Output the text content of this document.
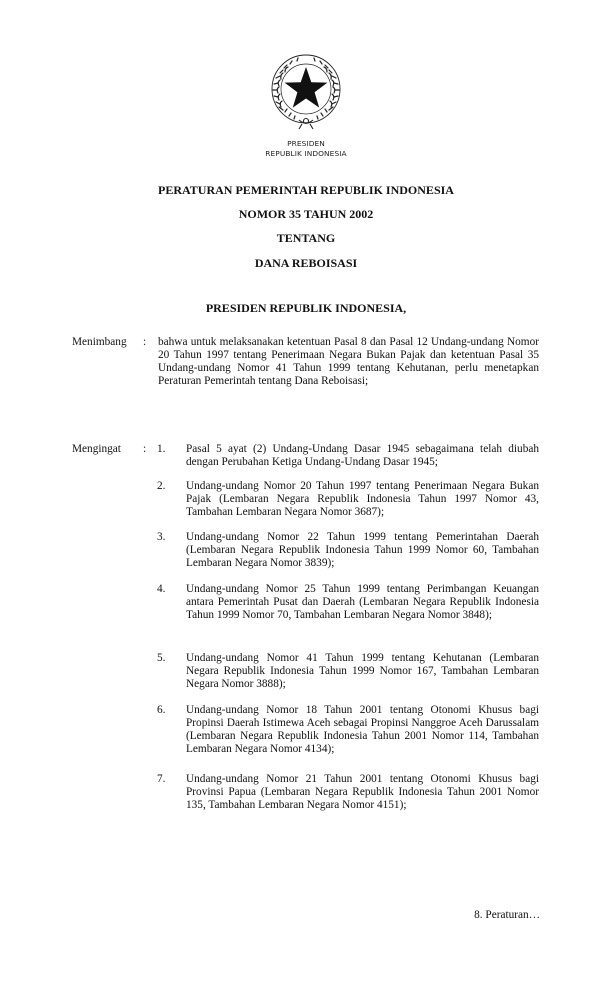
PRESIDEN
REPUBLIK INDONESIA
PERATURAN PEMERINTAH REPUBLIK INDONESIA
NOMOR 35 TAHUN 2002
TENTANG
DANA REBOISASI
PRESIDEN REPUBLIK INDONESIA,
Menimbang : bahwa untuk melaksanakan ketentuan Pasal 8 dan Pasal 12 Undang-undang Nomor 20 Tahun 1997 tentang Penerimaan Negara Bukan Pajak dan ketentuan Pasal 35 Undang-undang Nomor 41 Tahun 1999 tentang Kehutanan, perlu menetapkan Peraturan Pemerintah tentang Dana Reboisasi;
Mengingat : 1. Pasal 5 ayat (2) Undang-Undang Dasar 1945 sebagaimana telah diubah dengan Perubahan Ketiga Undang-Undang Dasar 1945;
2. Undang-undang Nomor 20 Tahun 1997 tentang Penerimaan Negara Bukan Pajak (Lembaran Negara Republik Indonesia Tahun 1997 Nomor 43, Tambahan Lembaran Negara Nomor 3687);
3. Undang-undang Nomor 22 Tahun 1999 tentang Pemerintahan Daerah (Lembaran Negara Republik Indonesia Tahun 1999 Nomor 60, Tambahan Lembaran Negara Nomor 3839);
4. Undang-undang Nomor 25 Tahun 1999 tentang Perimbangan Keuangan antara Pemerintah Pusat dan Daerah (Lembaran Negara Republik Indonesia Tahun 1999 Nomor 70, Tambahan Lembaran Negara Nomor 3848);
5. Undang-undang Nomor 41 Tahun 1999 tentang Kehutanan (Lembaran Negara Republik Indonesia Tahun 1999 Nomor 167, Tambahan Lembaran Negara Nomor 3888);
6. Undang-undang Nomor 18 Tahun 2001 tentang Otonomi Khusus bagi Propinsi Daerah Istimewa Aceh sebagai Propinsi Nanggroe Aceh Darussalam (Lembaran Negara Republik Indonesia Tahun 2001 Nomor 114, Tambahan Lembaran Negara Nomor 4134);
7. Undang-undang Nomor 21 Tahun 2001 tentang Otonomi Khusus bagi Provinsi Papua (Lembaran Negara Republik Indonesia Tahun 2001 Nomor 135, Tambahan Lembaran Negara Nomor 4151);
8. Peraturan…
